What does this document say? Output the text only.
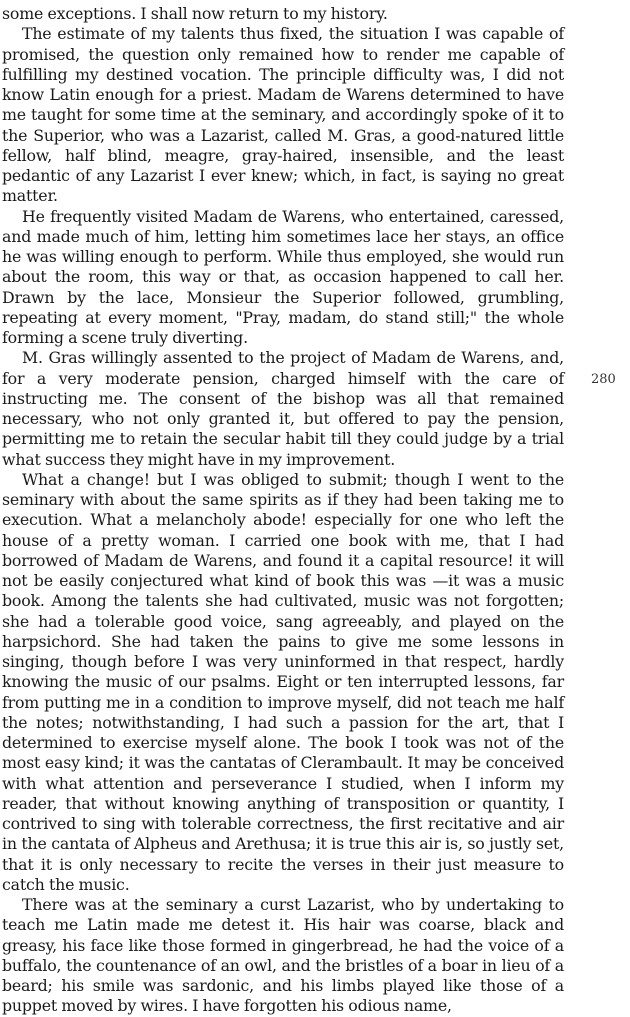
some exceptions. I shall now return to my history.

The estimate of my talents thus fixed, the situation I was capable of promised, the question only remained how to render me capable of fulfilling my destined vocation. The principle difficulty was, I did not know Latin enough for a priest. Madam de Warens determined to have me taught for some time at the seminary, and accordingly spoke of it to the Superior, who was a Lazarist, called M. Gras, a good-natured little fellow, half blind, meagre, gray-haired, insensible, and the least pedantic of any Lazarist I ever knew; which, in fact, is saying no great matter.

He frequently visited Madam de Warens, who entertained, caressed, and made much of him, letting him sometimes lace her stays, an office he was willing enough to perform. While thus employed, she would run about the room, this way or that, as occasion happened to call her. Drawn by the lace, Monsieur the Superior followed, grumbling, repeating at every moment, "Pray, madam, do stand still;" the whole forming a scene truly diverting.

M. Gras willingly assented to the project of Madam de Warens, and, for a very moderate pension, charged himself with the care of instructing me. The consent of the bishop was all that remained necessary, who not only granted it, but offered to pay the pension, permitting me to retain the secular habit till they could judge by a trial what success they might have in my improvement.

What a change! but I was obliged to submit; though I went to the seminary with about the same spirits as if they had been taking me to execution. What a melancholy abode! especially for one who left the house of a pretty woman. I carried one book with me, that I had borrowed of Madam de Warens, and found it a capital resource! it will not be easily conjectured what kind of book this was —it was a music book. Among the talents she had cultivated, music was not forgotten; she had a tolerable good voice, sang agreeably, and played on the harpsichord. She had taken the pains to give me some lessons in singing, though before I was very uninformed in that respect, hardly knowing the music of our psalms. Eight or ten interrupted lessons, far from putting me in a condition to improve myself, did not teach me half the notes; notwithstanding, I had such a passion for the art, that I determined to exercise myself alone. The book I took was not of the most easy kind; it was the cantatas of Clerambault. It may be conceived with what attention and perseverance I studied, when I inform my reader, that without knowing anything of transposition or quantity, I contrived to sing with tolerable correctness, the first recitative and air in the cantata of Alpheus and Arethusa; it is true this air is, so justly set, that it is only necessary to recite the verses in their just measure to catch the music.

There was at the seminary a curst Lazarist, who by undertaking to teach me Latin made me detest it. His hair was coarse, black and greasy, his face like those formed in gingerbread, he had the voice of a buffalo, the countenance of an owl, and the bristles of a boar in lieu of a beard; his smile was sardonic, and his limbs played like those of a puppet moved by wires. I have forgotten his odious name,

280
